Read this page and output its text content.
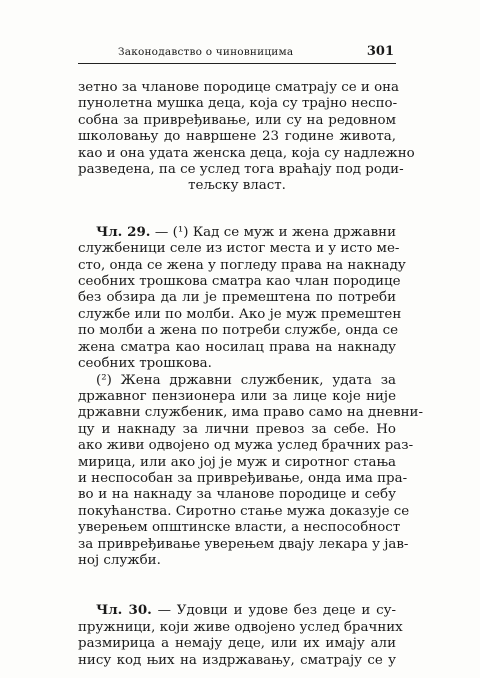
Законодавство о чиновницима	301
зетно за чланове породице сматрају се и она
пунолетна мушка деца, која су трајно неспо-
собна за привређивање, или су на редовном
школовању до навршене 23 године живота,
као и она удата женска деца, која су надлежно
разведена, па се услед тога враћају под роди-
тељску власт.
Чл. 29. — (¹) Кад се муж и жена државни
службеници селе из истог места и у исто ме-
сто, онда се жена у погледу права на накнаду
сеобних трошкова сматра као члан породице
без обзира да ли је премештена по потреби
службе или по молби. Ако је муж премештен
по молби а жена по потреби службе, онда се
жена сматра као носилац права на накнаду
сеобних трошкова.
(²) Жена државни службеник, удата за
државног пензионера или за лице које није
државни службеник, има право само на дневни-
цу и накнаду за лични превоз за себе. Но
ако живи одвојено од мужа услед брачних раз-
мирица, или ако јој је муж и сиротног стања
и неспособан за привређивање, онда има пра-
во и на накнаду за чланове породице и себу
покућанства. Сиротно стање мужа доказује се
уверењем општинске власти, а неспособност
за привређивање уверењем двају лекара у јав-
ној служби.
Чл. 30. — Удовци и удове без деце и су-
пружници, који живе одвојено услед брачних
размирица а немају деце, или их имају али
нису код њих на издржавању, сматрају се у
